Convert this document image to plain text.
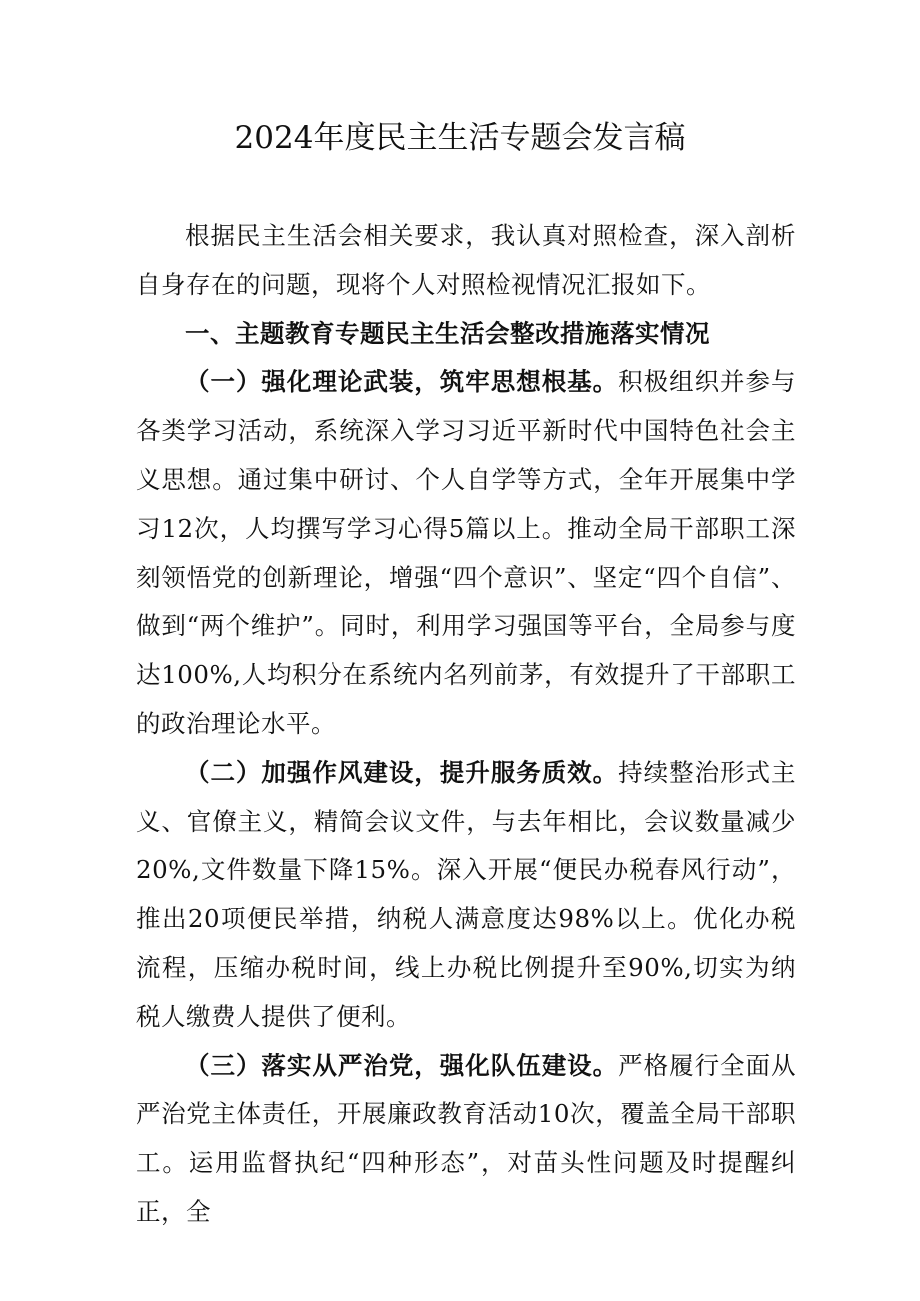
2024年度民主生活专题会发言稿

根据民主生活会相关要求，我认真对照检查，深入剖析自身存在的问题，现将个人对照检视情况汇报如下。

一、主题教育专题民主生活会整改措施落实情况

（一）强化理论武装，筑牢思想根基。积极组织并参与各类学习活动，系统深入学习习近平新时代中国特色社会主义思想。通过集中研讨、个人自学等方式，全年开展集中学习12次，人均撰写学习心得5篇以上。推动全局干部职工深刻领悟党的创新理论，增强“四个意识”、坚定“四个自信”、做到“两个维护”。同时，利用学习强国等平台，全局参与度达100%,人均积分在系统内名列前茅，有效提升了干部职工的政治理论水平。

（二）加强作风建设，提升服务质效。持续整治形式主义、官僚主义，精简会议文件，与去年相比，会议数量减少20%,文件数量下降15%。深入开展“便民办税春风行动”，推出20项便民举措，纳税人满意度达98%以上。优化办税流程，压缩办税时间，线上办税比例提升至90%,切实为纳税人缴费人提供了便利。

（三）落实从严治党，强化队伍建设。严格履行全面从严治党主体责任，开展廉政教育活动10次，覆盖全局干部职工。运用监督执纪“四种形态”，对苗头性问题及时提醒纠正，全
